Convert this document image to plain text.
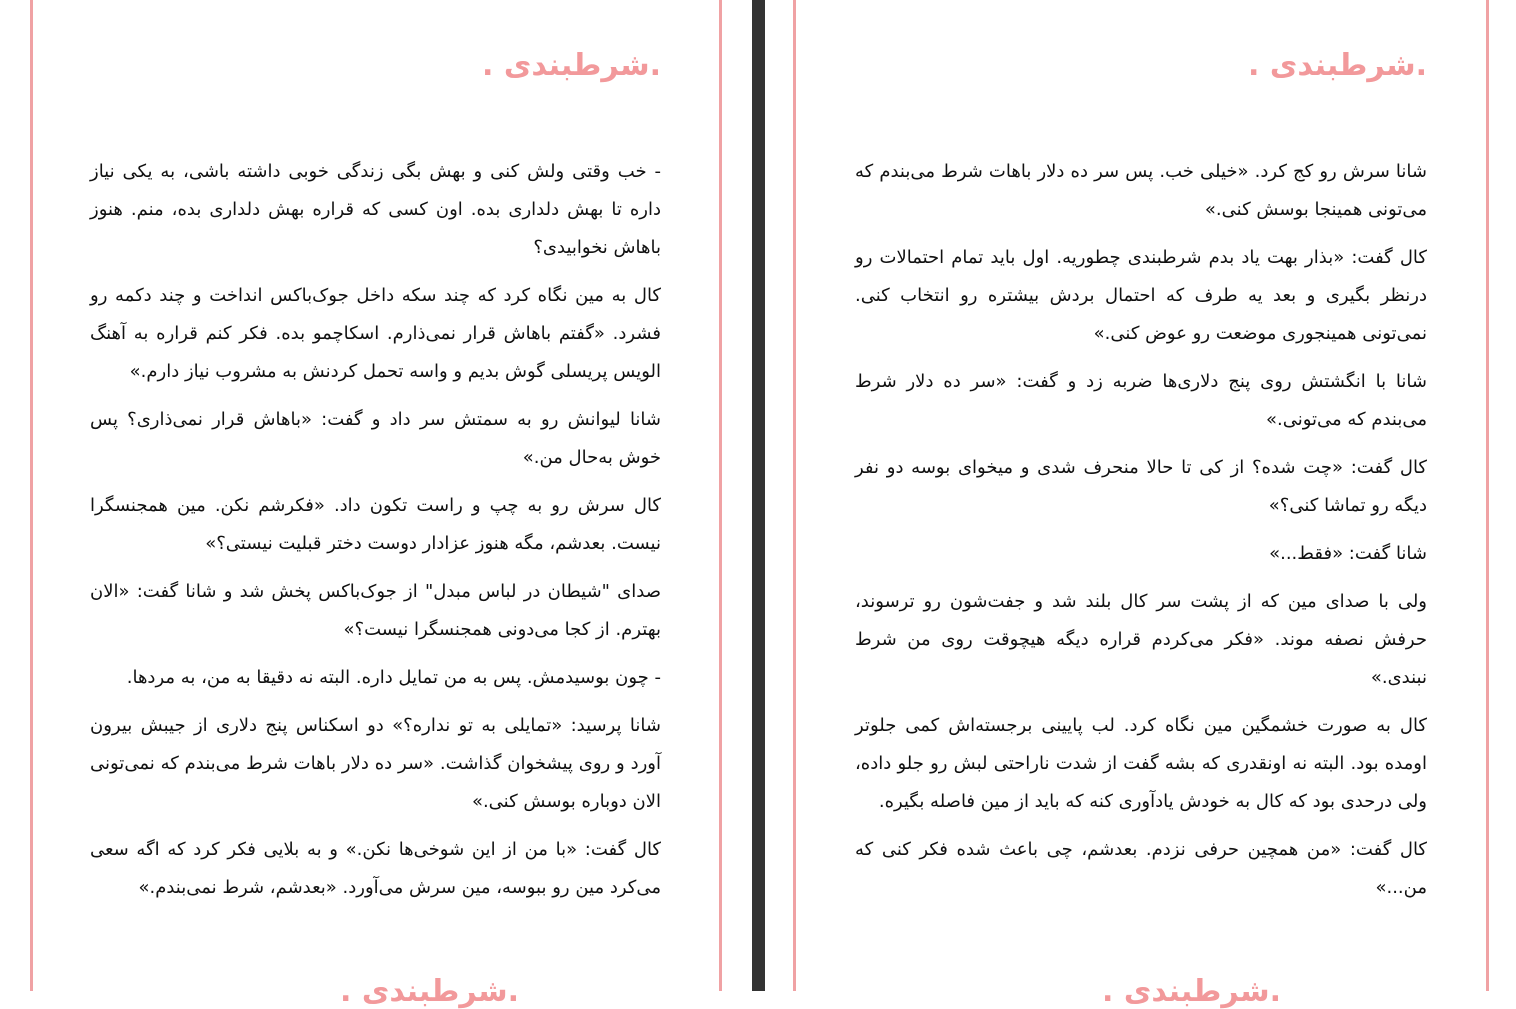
.شرطبندی .

- خب وقتی ولش کنی و بهش بگی زندگی خوبی داشته باشی، به یکی نیاز داره تا بهش دلداری بده. اون کسی که قراره بهش دلداری بده، منم. هنوز باهاش نخوابیدی؟

کال به مین نگاه کرد که چند سکه داخل جوک‌باکس انداخت و چند دکمه رو فشرد. «گفتم باهاش قرار نمی‌ذارم. اسکاچمو بده. فکر کنم قراره به آهنگ الویس پریسلی گوش بدیم و واسه تحمل کردنش به مشروب نیاز دارم.»

شانا لیوانش رو به سمتش سر داد و گفت: «باهاش قرار نمی‌ذاری؟ پس خوش به‌حال من.»

کال سرش رو به چپ و راست تکون داد. «فکرشم نکن. مین همجنسگرا نیست. بعدشم، مگه هنوز عزادار دوست دختر قبلیت نیستی؟»

صدای "شیطان در لباس مبدل" از جوک‌باکس پخش شد و شانا گفت: «الان بهترم. از کجا می‌دونی همجنسگرا نیست؟»

- چون بوسیدمش. پس به من تمایل داره. البته نه دقیقا به من، به مردها.

شانا پرسید: «تمایلی به تو نداره؟» دو اسکناس پنج دلاری از جیبش بیرون آورد و روی پیشخوان گذاشت. «سر ده دلار باهات شرط می‌بندم که نمی‌تونی الان دوباره بوسش کنی.»

کال گفت: «با من از این شوخی‌ها نکن.» و به بلایی فکر کرد که اگه سعی می‌کرد مین رو ببوسه، مین سرش می‌آورد. «بعدشم، شرط نمی‌بندم.»

.شرطبندی .
.شرطبندی .

شانا سرش رو کج کرد. «خیلی خب. پس سر ده دلار باهات شرط می‌بندم که می‌تونی همینجا بوسش کنی.»

کال گفت: «بذار بهت یاد بدم شرطبندی چطوریه. اول باید تمام احتمالات رو درنظر بگیری و بعد یه طرف که احتمال بردش بیشتره رو انتخاب کنی. نمی‌تونی همینجوری موضعت رو عوض کنی.»

شانا با انگشتش روی پنج دلاری‌ها ضربه زد و گفت: «سر ده دلار شرط می‌بندم که می‌تونی.»

کال گفت: «چت شده؟ از کی تا حالا منحرف شدی و میخوای بوسه دو نفر دیگه رو تماشا کنی؟»

شانا گفت: «فقط...»

ولی با صدای مین که از پشت سر کال بلند شد و جفت‌شون رو ترسوند، حرفش نصفه موند. «فکر می‌کردم قراره دیگه هیچوقت روی من شرط نبندی.»

کال به صورت خشمگین مین نگاه کرد. لب پایینی برجسته‌اش کمی جلوتر اومده بود. البته نه اونقدری که بشه گفت از شدت ناراحتی لبش رو جلو داده، ولی درحدی بود که کال به خودش یادآوری کنه که باید از مین فاصله بگیره.

کال گفت: «من همچین حرفی نزدم. بعدشم، چی باعث شده فکر کنی که من...»

.شرطبندی .
